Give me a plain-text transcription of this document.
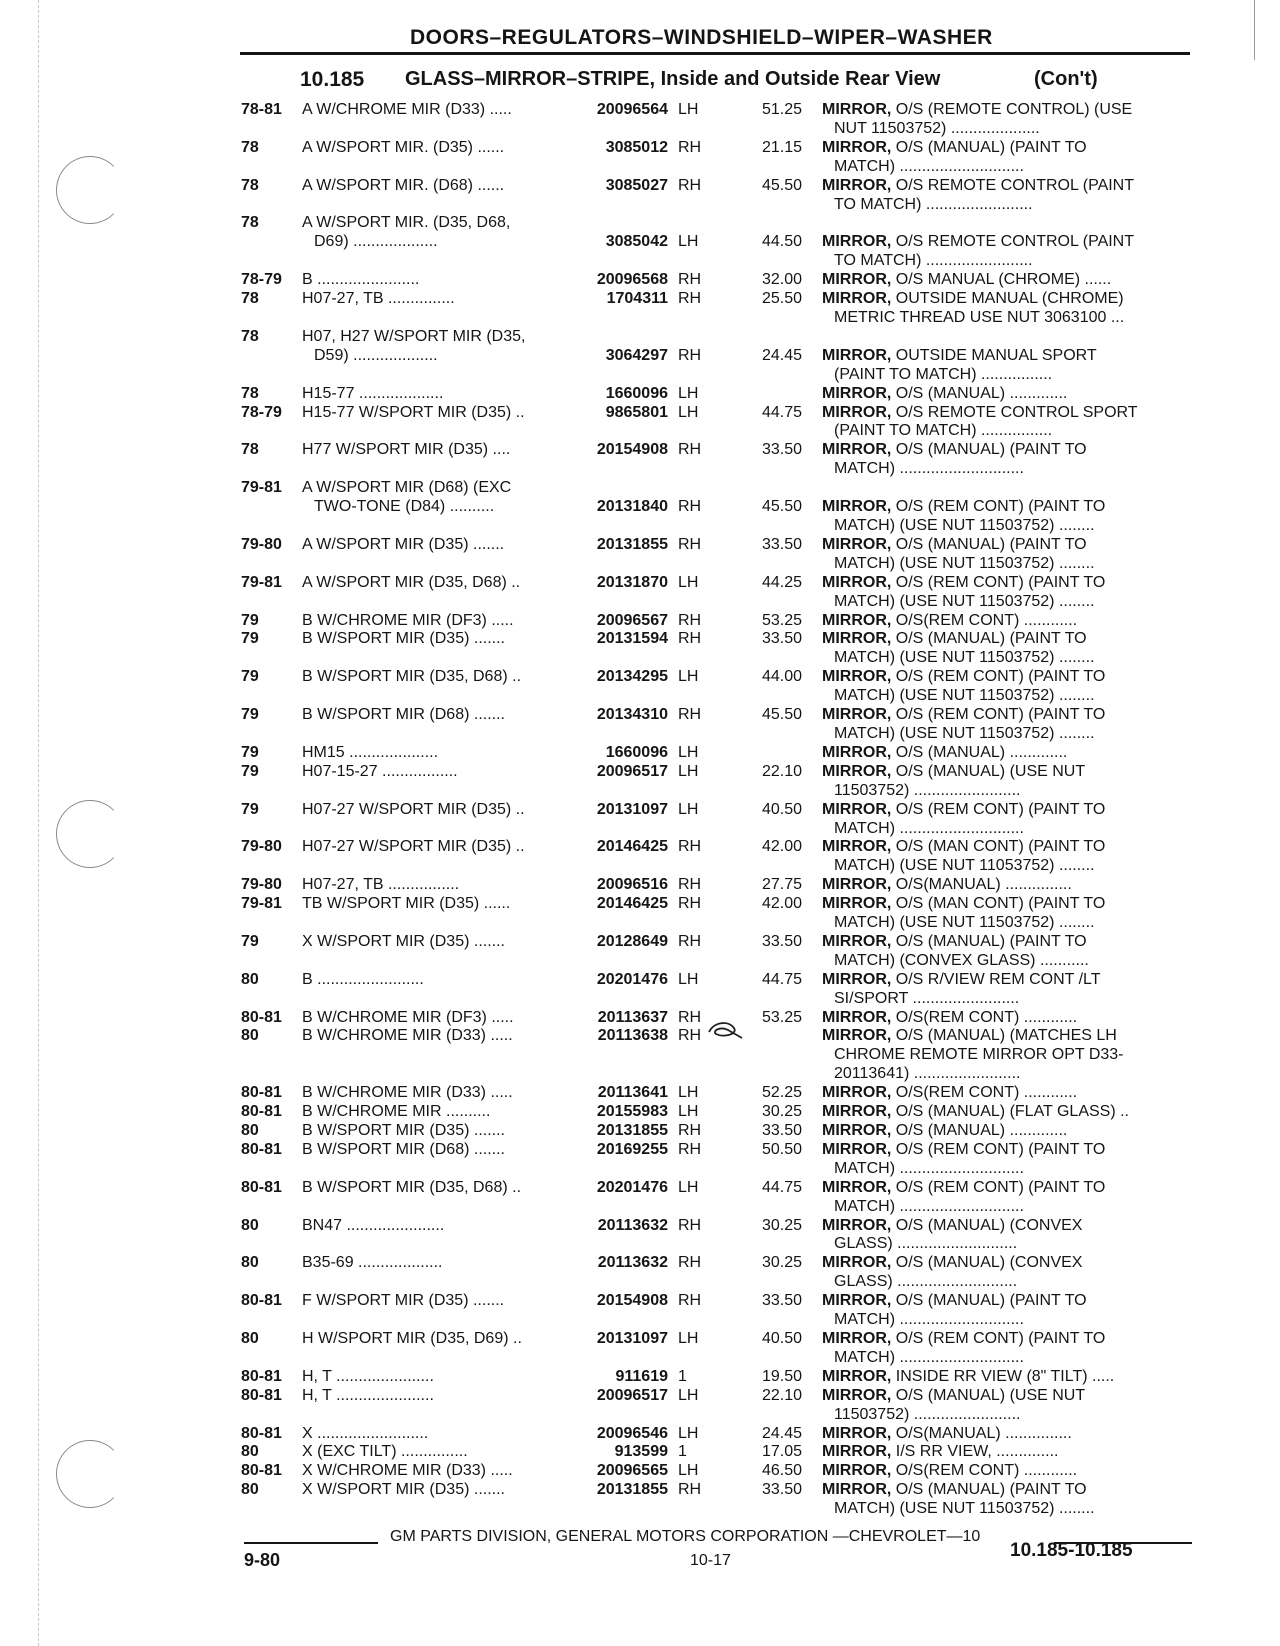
DOORS–REGULATORS–WINDSHIELD–WIPER–WASHER
10.185 GLASS–MIRROR–STRIPE, Inside and Outside Rear View	(Con't)
78-81	A W/CHROME MIR (D33) .....	20096564 LH	51.25 MIRROR, O/S (REMOTE CONTROL) (USE
NUT 11503752) ....................
78	A W/SPORT MIR. (D35) ......	3085012 RH	21.15 MIRROR, O/S (MANUAL) (PAINT TO
MATCH) ............................
78	A W/SPORT MIR. (D68) ......	3085027 RH	45.50 MIRROR, O/S REMOTE CONTROL (PAINT
TO MATCH) ........................
78	A W/SPORT MIR. (D35, D68,
D69) ...................	3085042 LH	44.50 MIRROR, O/S REMOTE CONTROL (PAINT
TO MATCH) ........................
78-79	B .......................	20096568 RH	32.00 MIRROR, O/S MANUAL (CHROME) ......
78	H07-27, TB ...............	1704311 RH	25.50 MIRROR, OUTSIDE MANUAL (CHROME)
METRIC THREAD USE NUT 3063100 ...
78	H07, H27 W/SPORT MIR (D35,
D59) ...................	3064297 RH	24.45 MIRROR, OUTSIDE MANUAL SPORT
(PAINT TO MATCH) ................
78	H15-77 ...................	1660096 LH	MIRROR, O/S (MANUAL) .............
78-79	H15-77 W/SPORT MIR (D35) ..	9865801 LH	44.75 MIRROR, O/S REMOTE CONTROL SPORT
(PAINT TO MATCH) ................
78	H77 W/SPORT MIR (D35) ....	20154908 RH	33.50 MIRROR, O/S (MANUAL) (PAINT TO
MATCH) ............................
79-81	A W/SPORT MIR (D68) (EXC
TWO-TONE (D84) ..........	20131840 RH	45.50 MIRROR, O/S (REM CONT) (PAINT TO
MATCH) (USE NUT 11503752) ........
79-80	A W/SPORT MIR (D35) .......	20131855 RH	33.50 MIRROR, O/S (MANUAL) (PAINT TO
MATCH) (USE NUT 11503752) ........
79-81	A W/SPORT MIR (D35, D68) ..	20131870 LH	44.25 MIRROR, O/S (REM CONT) (PAINT TO
MATCH) (USE NUT 11503752) ........
79	B W/CHROME MIR (DF3) .....	20096567 RH	53.25 MIRROR, O/S(REM CONT) ............
79	B W/SPORT MIR (D35) .......	20131594 RH	33.50 MIRROR, O/S (MANUAL) (PAINT TO
MATCH) (USE NUT 11503752) ........
79	B W/SPORT MIR (D35, D68) ..	20134295 LH	44.00 MIRROR, O/S (REM CONT) (PAINT TO
MATCH) (USE NUT 11503752) ........
79	B W/SPORT MIR (D68) .......	20134310 RH	45.50 MIRROR, O/S (REM CONT) (PAINT TO
MATCH) (USE NUT 11503752) ........
79	HM15 ....................	1660096 LH	MIRROR, O/S (MANUAL) .............
79	H07-15-27 .................	20096517 LH	22.10 MIRROR, O/S (MANUAL) (USE NUT
11503752) ........................
79	H07-27 W/SPORT MIR (D35) ..	20131097 LH	40.50 MIRROR, O/S (REM CONT) (PAINT TO
MATCH) ............................
79-80	H07-27 W/SPORT MIR (D35) ..	20146425 RH	42.00 MIRROR, O/S (MAN CONT) (PAINT TO
MATCH) (USE NUT 11053752) ........
79-80	H07-27, TB ................	20096516 RH	27.75 MIRROR, O/S(MANUAL) ...............
79-81	TB W/SPORT MIR (D35) ......	20146425 RH	42.00 MIRROR, O/S (MAN CONT) (PAINT TO
MATCH) (USE NUT 11503752) ........
79	X W/SPORT MIR (D35) .......	20128649 RH	33.50 MIRROR, O/S (MANUAL) (PAINT TO
MATCH) (CONVEX GLASS) ...........
80	B ........................	20201476 LH	44.75 MIRROR, O/S R/VIEW REM CONT /LT
SI/SPORT ........................
80-81	B W/CHROME MIR (DF3) .....	20113637 RH	53.25 MIRROR, O/S(REM CONT) ............
80	B W/CHROME MIR (D33) .....	20113638 RH	MIRROR, O/S (MANUAL) (MATCHES LH
CHROME REMOTE MIRROR OPT D33-
20113641) ........................
80-81	B W/CHROME MIR (D33) .....	20113641 LH	52.25 MIRROR, O/S(REM CONT) ............
80-81	B W/CHROME MIR ..........	20155983 LH	30.25 MIRROR, O/S (MANUAL) (FLAT GLASS) ..
80	B W/SPORT MIR (D35) .......	20131855 RH	33.50 MIRROR, O/S (MANUAL) .............
80-81	B W/SPORT MIR (D68) .......	20169255 RH	50.50 MIRROR, O/S (REM CONT) (PAINT TO
MATCH) ............................
80-81	B W/SPORT MIR (D35, D68) ..	20201476 LH	44.75 MIRROR, O/S (REM CONT) (PAINT TO
MATCH) ............................
80	BN47 ......................	20113632 RH	30.25 MIRROR, O/S (MANUAL) (CONVEX
GLASS) ...........................
80	B35-69 ...................	20113632 RH	30.25 MIRROR, O/S (MANUAL) (CONVEX
GLASS) ...........................
80-81	F W/SPORT MIR (D35) .......	20154908 RH	33.50 MIRROR, O/S (MANUAL) (PAINT TO
MATCH) ............................
80	H W/SPORT MIR (D35, D69) ..	20131097 LH	40.50 MIRROR, O/S (REM CONT) (PAINT TO
MATCH) ............................
80-81	H, T ......................	911619 1	19.50 MIRROR, INSIDE RR VIEW (8" TILT) .....
80-81	H, T ......................	20096517 LH	22.10 MIRROR, O/S (MANUAL) (USE NUT
11503752) ........................
80-81	X .........................	20096546 LH	24.45 MIRROR, O/S(MANUAL) ...............
80	X (EXC TILT) ...............	913599 1	17.05 MIRROR, I/S RR VIEW, ..............
80-81	X W/CHROME MIR (D33) .....	20096565 LH	46.50 MIRROR, O/S(REM CONT) ............
80	X W/SPORT MIR (D35) .......	20131855 RH	33.50 MIRROR, O/S (MANUAL) (PAINT TO
MATCH) (USE NUT 11503752) ........
GM PARTS DIVISION, GENERAL MOTORS CORPORATION —CHEVROLET—10
9-80	10-17	10.185-10.185
